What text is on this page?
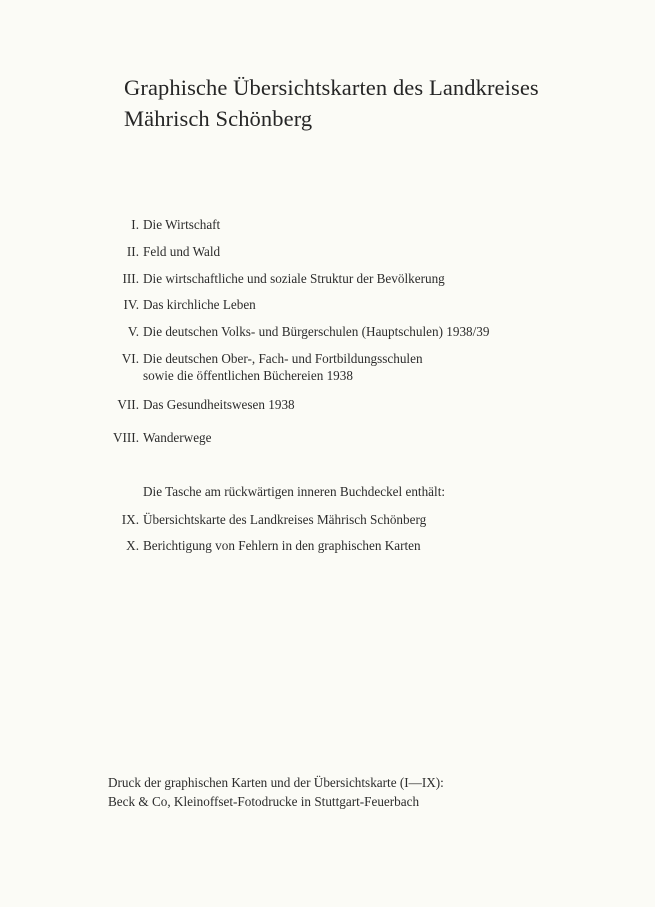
Graphische Übersichtskarten des Landkreises
Mährisch Schönberg
I. Die Wirtschaft
II. Feld und Wald
III. Die wirtschaftliche und soziale Struktur der Bevölkerung
IV. Das kirchliche Leben
V. Die deutschen Volks- und Bürgerschulen (Hauptschulen) 1938/39
VI. Die deutschen Ober-, Fach- und Fortbildungsschulen
sowie die öffentlichen Büchereien 1938
VII. Das Gesundheitswesen 1938
VIII. Wanderwege
Die Tasche am rückwärtigen inneren Buchdeckel enthält:
IX. Übersichtskarte des Landkreises Mährisch Schönberg
X. Berichtigung von Fehlern in den graphischen Karten
Druck der graphischen Karten und der Übersichtskarte (I—IX):
Beck & Co, Kleinoffset-Fotodrucke in Stuttgart-Feuerbach
